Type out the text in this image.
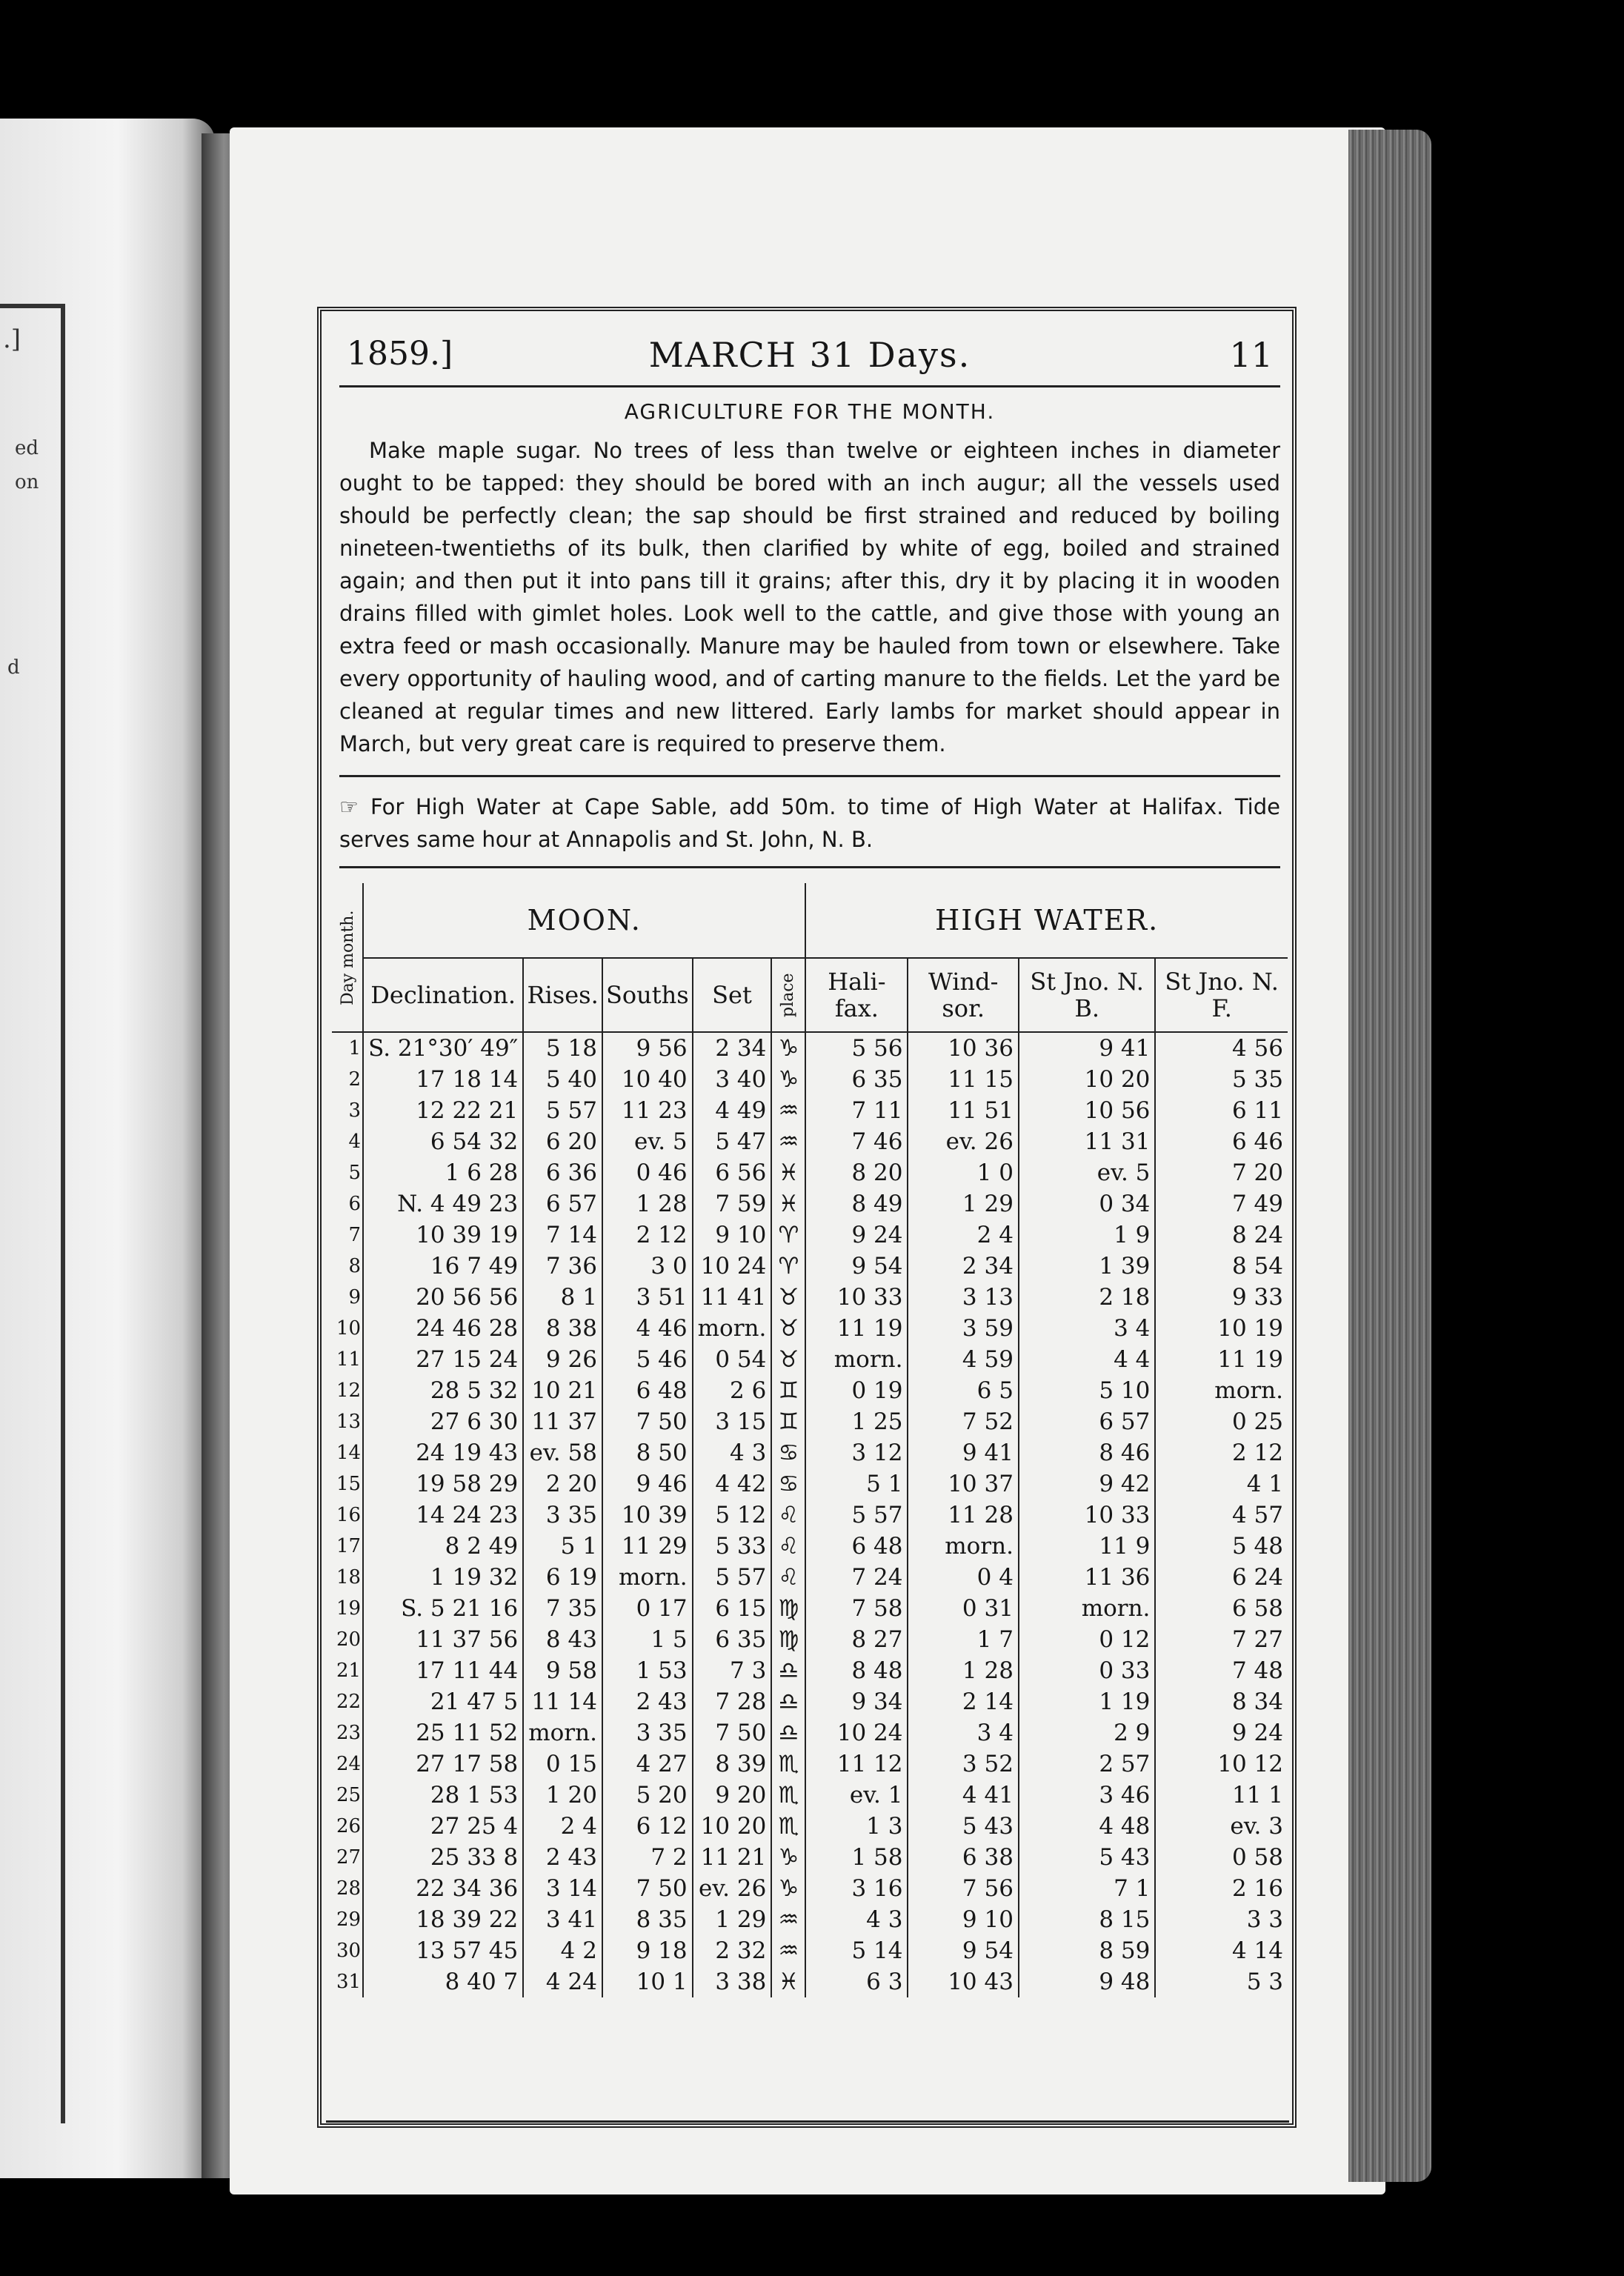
.]
ed
on
d
1859.]	MARCH 31 Days.	11
AGRICULTURE FOR THE MONTH.
Make maple sugar. No trees of less than twelve or eighteen inches in diameter ought to be tapped: they should be bored with an inch augur; all the vessels used should be perfectly clean; the sap should be first strained and reduced by boiling nineteen-twentieths of its bulk, then clarified by white of egg, boiled and strained again; and then put it into pans till it grains; after this, dry it by placing it in wooden drains filled with gimlet holes. Look well to the cattle, and give those with young an extra feed or mash occasionally. Manure may be hauled from town or elsewhere. Take every opportunity of hauling wood, and of carting manure to the fields. Let the yard be cleaned at regular times and new littered. Early lambs for market should appear in March, but very great care is required to preserve them.
☞ For High Water at Cape Sable, add 50m. to time of High Water at Halifax. Tide serves same hour at Annapolis and St. John, N. B.
Day month.	MOON.					HIGH WATER.			
	Declination.	Rises.	Souths	Set	place	Hali-fax.	Wind-sor.	St Jno. N. B.	St Jno. N. F.
1	S. 21°30′ 49″	5 18	9 56	2 34	♑	5 56	10 36	9 41	4 56
2	17 18 14	5 40	10 40	3 40	♑	6 35	11 15	10 20	5 35
3	12 22 21	5 57	11 23	4 49	♒	7 11	11 51	10 56	6 11
4	6 54 32	6 20	ev. 5	5 47	♒	7 46	ev. 26	11 31	6 46
5	1 6 28	6 36	0 46	6 56	♓	8 20	1 0	ev. 5	7 20
6	N. 4 49 23	6 57	1 28	7 59	♓	8 49	1 29	0 34	7 49
7	10 39 19	7 14	2 12	9 10	♈	9 24	2 4	1 9	8 24
8	16 7 49	7 36	3 0	10 24	♈	9 54	2 34	1 39	8 54
9	20 56 56	8 1	3 51	11 41	♉	10 33	3 13	2 18	9 33
10	24 46 28	8 38	4 46	morn.	♉	11 19	3 59	3 4	10 19
11	27 15 24	9 26	5 46	0 54	♉	morn.	4 59	4 4	11 19
12	28 5 32	10 21	6 48	2 6	♊	0 19	6 5	5 10	morn.
13	27 6 30	11 37	7 50	3 15	♊	1 25	7 52	6 57	0 25
14	24 19 43	ev. 58	8 50	4 3	♋	3 12	9 41	8 46	2 12
15	19 58 29	2 20	9 46	4 42	♋	5 1	10 37	9 42	4 1
16	14 24 23	3 35	10 39	5 12	♌	5 57	11 28	10 33	4 57
17	8 2 49	5 1	11 29	5 33	♌	6 48	morn.	11 9	5 48
18	1 19 32	6 19	morn.	5 57	♌	7 24	0 4	11 36	6 24
19	S. 5 21 16	7 35	0 17	6 15	♍	7 58	0 31	morn.	6 58
20	11 37 56	8 43	1 5	6 35	♍	8 27	1 7	0 12	7 27
21	17 11 44	9 58	1 53	7 3	♎	8 48	1 28	0 33	7 48
22	21 47 5	11 14	2 43	7 28	♎	9 34	2 14	1 19	8 34
23	25 11 52	morn.	3 35	7 50	♎	10 24	3 4	2 9	9 24
24	27 17 58	0 15	4 27	8 39	♏	11 12	3 52	2 57	10 12
25	28 1 53	1 20	5 20	9 20	♏	ev. 1	4 41	3 46	11 1
26	27 25 4	2 4	6 12	10 20	♏	1 3	5 43	4 48	ev. 3
27	25 33 8	2 43	7 2	11 21	♑	1 58	6 38	5 43	0 58
28	22 34 36	3 14	7 50	ev. 26	♑	3 16	7 56	7 1	2 16
29	18 39 22	3 41	8 35	1 29	♒	4 3	9 10	8 15	3 3
30	13 57 45	4 2	9 18	2 32	♒	5 14	9 54	8 59	4 14
31	8 40 7	4 24	10 1	3 38	♓	6 3	10 43	9 48	5 3
